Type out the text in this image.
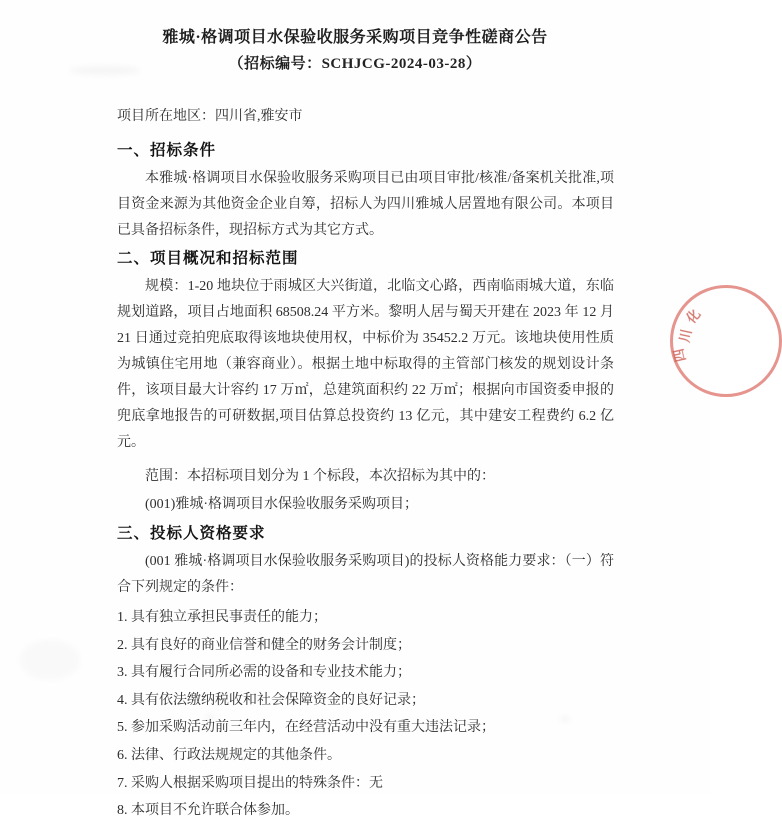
雅城·格调项目水保验收服务采购项目竞争性磋商公告
（招标编号：SCHJCG-2024-03-28）

项目所在地区：四川省,雅安市

一、招标条件

本雅城·格调项目水保验收服务采购项目已由项目审批/核准/备案机关批准,项目资金来源为其他资金企业自筹，招标人为四川雅城人居置地有限公司。本项目已具备招标条件，现招标方式为其它方式。

二、项目概况和招标范围

规模：1-20 地块位于雨城区大兴街道，北临文心路，西南临雨城大道，东临规划道路，项目占地面积 68508.24 平方米。黎明人居与蜀天开建在 2023 年 12 月 21 日通过竞拍兜底取得该地块使用权，中标价为 35452.2 万元。该地块使用性质为城镇住宅用地（兼容商业）。根据土地中标取得的主管部门核发的规划设计条件，该项目最大计容约 17 万㎡，总建筑面积约 22 万㎡；根据向市国资委申报的兜底拿地报告的可研数据,项目估算总投资约 13 亿元，其中建安工程费约 6.2 亿元。

范围：本招标项目划分为 1 个标段，本次招标为其中的：

(001)雅城·格调项目水保验收服务采购项目；

三、投标人资格要求

(001 雅城·格调项目水保验收服务采购项目)的投标人资格能力要求：（一）符合下列规定的条件：

1. 具有独立承担民事责任的能力；

2. 具有良好的商业信誉和健全的财务会计制度；

3. 具有履行合同所必需的设备和专业技术能力；

4. 具有依法缴纳税收和社会保障资金的良好记录；

5. 参加采购活动前三年内，在经营活动中没有重大违法记录；

6. 法律、行政法规规定的其他条件。

7. 采购人根据采购项目提出的特殊条件：无

8. 本项目不允许联合体参加。

化
川
四
